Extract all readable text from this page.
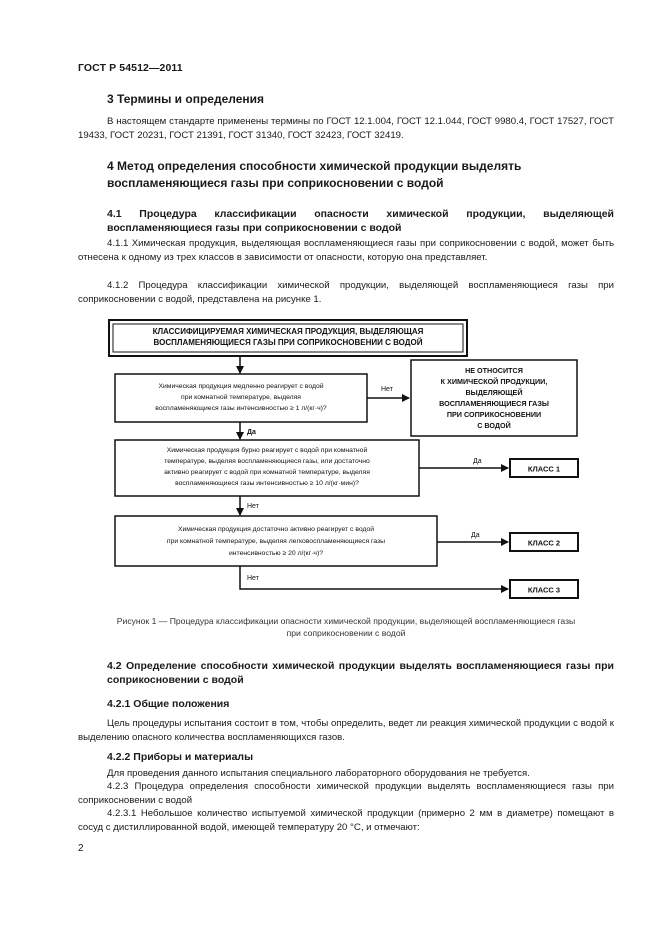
ГОСТ Р 54512—2011
3 Термины и определения
В настоящем стандарте применены термины по ГОСТ 12.1.004, ГОСТ 12.1.044, ГОСТ 9980.4, ГОСТ 17527, ГОСТ 19433, ГОСТ 20231, ГОСТ 21391, ГОСТ 31340, ГОСТ 32423, ГОСТ 32419.
4 Метод определения способности химической продукции выделять воспламеняющиеся газы при соприкосновении с водой
4.1 Процедура классификации опасности химической продукции, выделяющей воспламеняющиеся газы при соприкосновении с водой
4.1.1 Химическая продукция, выделяющая воспламеняющиеся газы при соприкосновении с водой, может быть отнесена к одному из трех классов в зависимости от опасности, которую она представляет.
4.1.2 Процедура классификации химической продукции, выделяющей воспламеняющиеся газы при соприкосновении с водой, представлена на рисунке 1.
КЛАССИФИЦИРУЕМАЯ ХИМИЧЕСКАЯ ПРОДУКЦИЯ, ВЫДЕЛЯЮЩАЯ
ВОСПЛАМЕНЯЮЩИЕСЯ ГАЗЫ ПРИ СОПРИКОСНОВЕНИИ С ВОДОЙ
Химическая продукция медленно реагирует с водой
при комнатной температуре, выделяя
воспламеняющиеся газы интенсивностью ≥ 1 л/(кг·ч)?
Нет
НЕ ОТНОСИТСЯ
К ХИМИЧЕСКОЙ ПРОДУКЦИИ,
ВЫДЕЛЯЮЩЕЙ
ВОСПЛАМЕНЯЮЩИЕСЯ ГАЗЫ
ПРИ СОПРИКОСНОВЕНИИ
С ВОДОЙ
Да
Химическая продукция бурно реагирует с водой при комнатной
температуре, выделяя воспламеняющиеся газы, или достаточно
активно реагирует с водой при комнатной температуре, выделяя
воспламеняющиеся газы интенсивностью ≥ 10 л/(кг·мин)?
Да
КЛАСС 1
Нет
Химическая продукция достаточно активно реагирует с водой
при комнатной температуре, выделяя легковоспламеняющиеся газы
интенсивностью ≥ 20 л/(кг·ч)?
Да
КЛАСС 2
Нет
КЛАСС 3
Рисунок 1 — Процедура классификации опасности химической продукции, выделяющей воспламеняющиеся газы
при соприкосновении с водой
4.2 Определение способности химической продукции выделять воспламеняющиеся газы при соприкосновении с водой
4.2.1 Общие положения
Цель процедуры испытания состоит в том, чтобы определить, ведет ли реакция химической продукции с водой к выделению опасного количества воспламеняющихся газов.
4.2.2 Приборы и материалы
Для проведения данного испытания специального лабораторного оборудования не требуется.
4.2.3 Процедура определения способности химической продукции выделять воспламеняющиеся газы при соприкосновении с водой
4.2.3.1 Небольшое количество испытуемой химической продукции (примерно 2 мм в диаметре) помещают в сосуд с дистиллированной водой, имеющей температуру 20 °С, и отмечают:
2
